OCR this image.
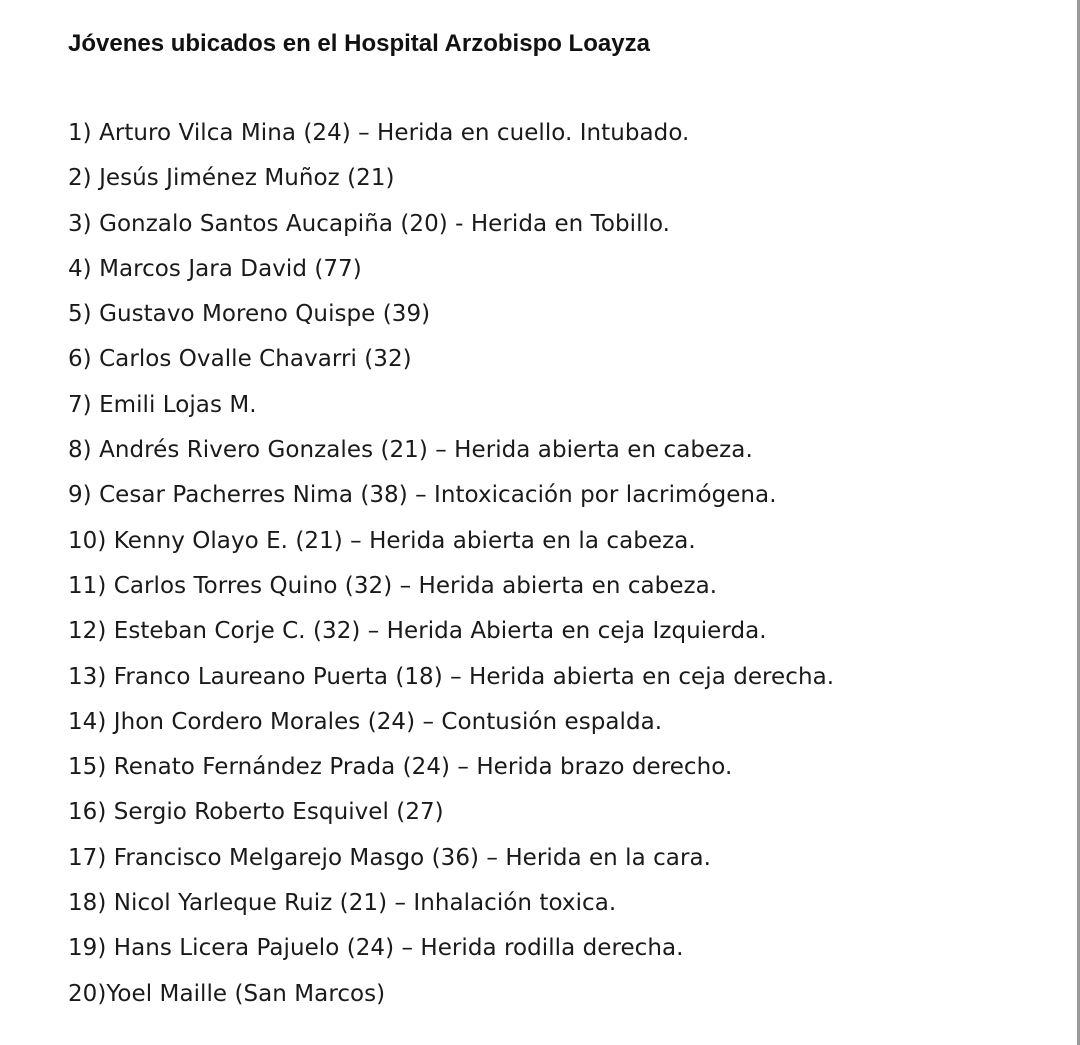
Jóvenes ubicados en el Hospital Arzobispo Loayza
1) Arturo Vilca Mina (24) – Herida en cuello. Intubado.
2) Jesús Jiménez Muñoz (21)
3) Gonzalo Santos Aucapiña (20) - Herida en Tobillo.
4) Marcos Jara David (77)
5) Gustavo Moreno Quispe (39)
6) Carlos Ovalle Chavarri (32)
7) Emili Lojas M.
8) Andrés Rivero Gonzales (21) – Herida abierta en cabeza.
9) Cesar Pacherres Nima (38) – Intoxicación por lacrimógena.
10) Kenny Olayo E. (21) – Herida abierta en la cabeza.
11) Carlos Torres Quino (32) – Herida abierta en cabeza.
12) Esteban Corje C. (32) – Herida Abierta en ceja Izquierda.
13) Franco Laureano Puerta (18) – Herida abierta en ceja derecha.
14) Jhon Cordero Morales (24) – Contusión espalda.
15) Renato Fernández Prada (24) – Herida brazo derecho.
16) Sergio Roberto Esquivel (27)
17) Francisco Melgarejo Masgo (36) – Herida en la cara.
18) Nicol Yarleque Ruiz (21) – Inhalación toxica.
19) Hans Licera Pajuelo (24) – Herida rodilla derecha.
20)Yoel Maille (San Marcos)
